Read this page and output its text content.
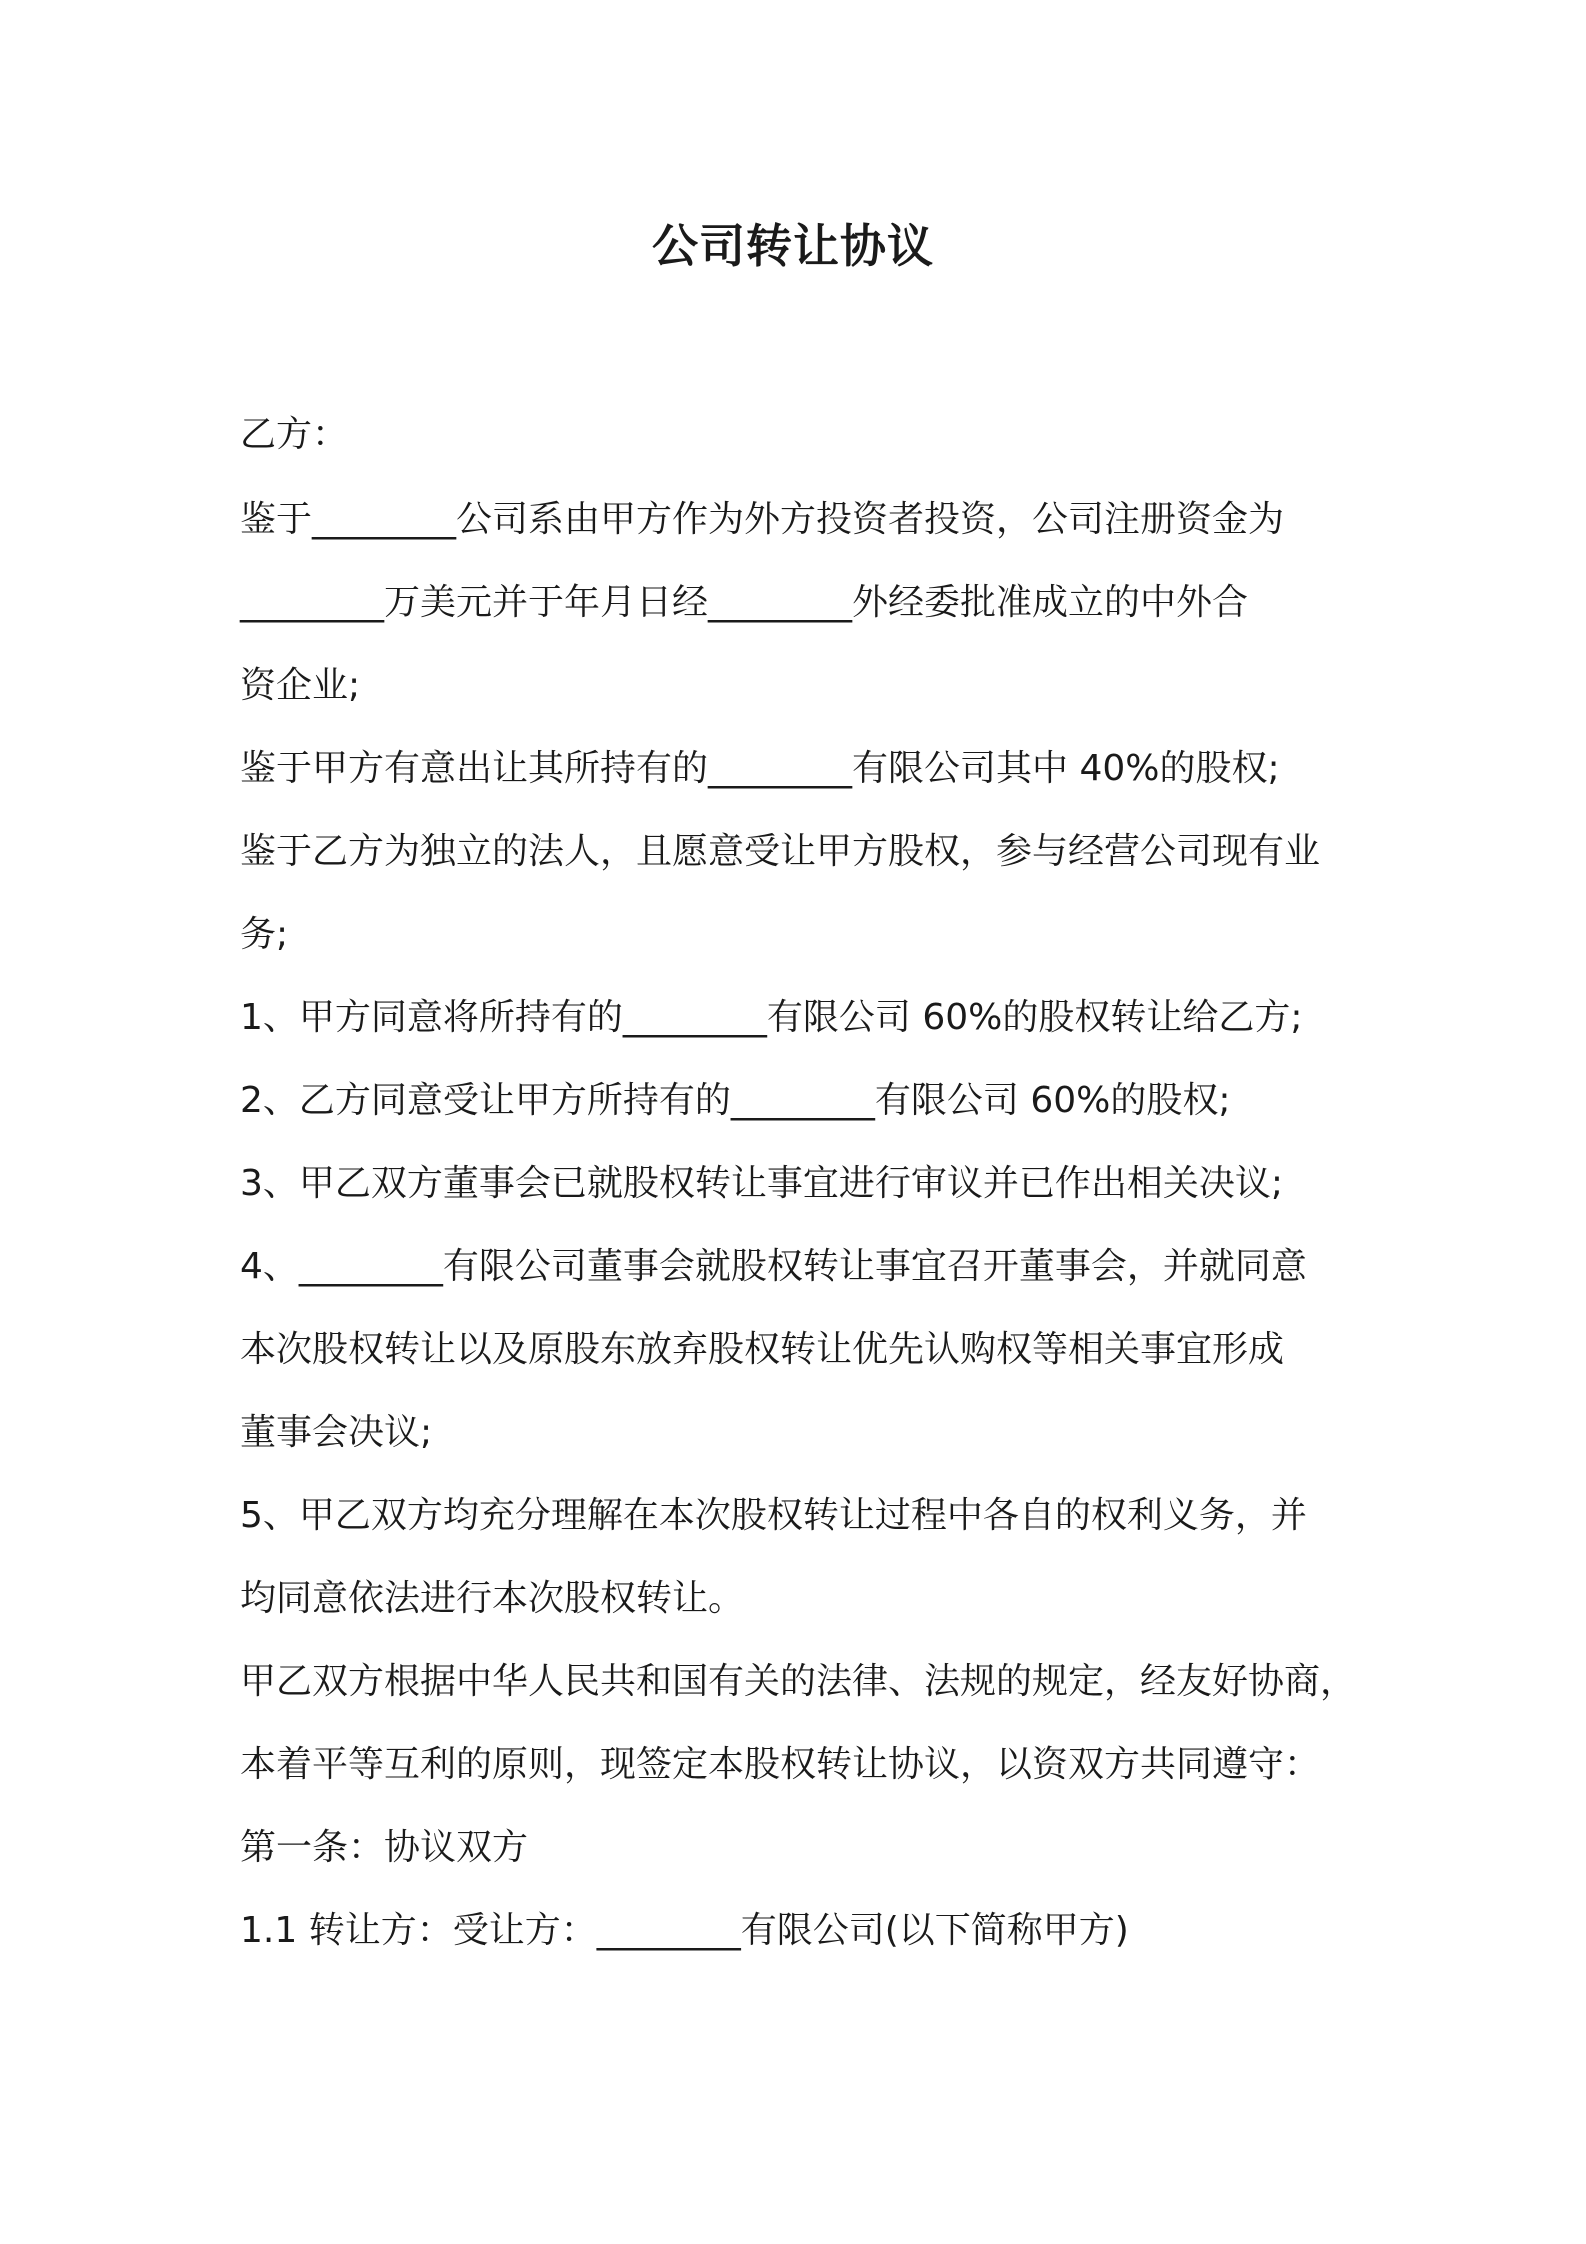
公司转让协议

乙方：

鉴于________公司系由甲方作为外方投资者投资，公司注册资金为

________万美元并于年月日经________外经委批准成立的中外合

资企业;

鉴于甲方有意出让其所持有的________有限公司其中 40%的股权;

鉴于乙方为独立的法人，且愿意受让甲方股权，参与经营公司现有业

务;

1、甲方同意将所持有的________有限公司 60%的股权转让给乙方;

2、乙方同意受让甲方所持有的________有限公司 60%的股权;

3、甲乙双方董事会已就股权转让事宜进行审议并已作出相关决议;

4、________有限公司董事会就股权转让事宜召开董事会，并就同意

本次股权转让以及原股东放弃股权转让优先认购权等相关事宜形成

董事会决议;

5、甲乙双方均充分理解在本次股权转让过程中各自的权利义务，并

均同意依法进行本次股权转让。

甲乙双方根据中华人民共和国有关的法律、法规的规定，经友好协商，

本着平等互利的原则，现签定本股权转让协议，以资双方共同遵守：

第一条：协议双方

1.1 转让方：受让方：________有限公司(以下简称甲方)
